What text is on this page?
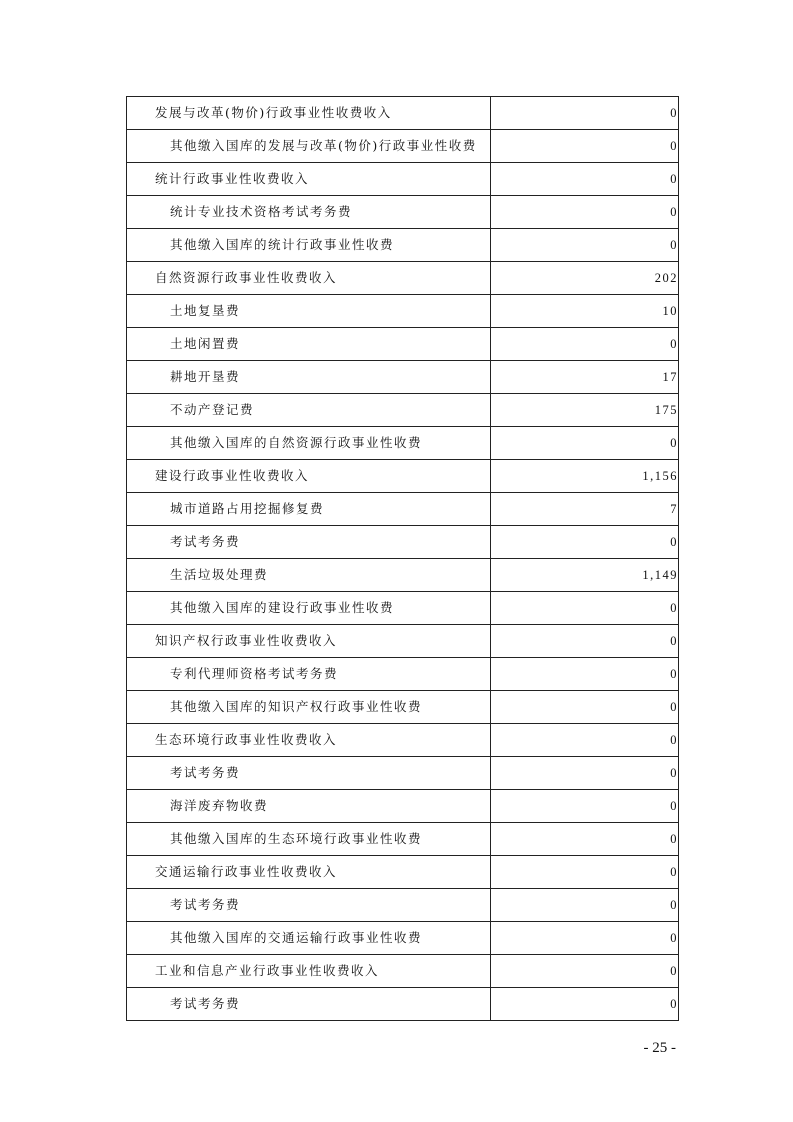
发展与改革(物价)行政事业性收费收入	0
其他缴入国库的发展与改革(物价)行政事业性收费	0
统计行政事业性收费收入	0
统计专业技术资格考试考务费	0
其他缴入国库的统计行政事业性收费	0
自然资源行政事业性收费收入	202
土地复垦费	10
土地闲置费	0
耕地开垦费	17
不动产登记费	175
其他缴入国库的自然资源行政事业性收费	0
建设行政事业性收费收入	1,156
城市道路占用挖掘修复费	7
考试考务费	0
生活垃圾处理费	1,149
其他缴入国库的建设行政事业性收费	0
知识产权行政事业性收费收入	0
专利代理师资格考试考务费	0
其他缴入国库的知识产权行政事业性收费	0
生态环境行政事业性收费收入	0
考试考务费	0
海洋废弃物收费	0
其他缴入国库的生态环境行政事业性收费	0
交通运输行政事业性收费收入	0
考试考务费	0
其他缴入国库的交通运输行政事业性收费	0
工业和信息产业行政事业性收费收入	0
考试考务费	0
- 25 -
